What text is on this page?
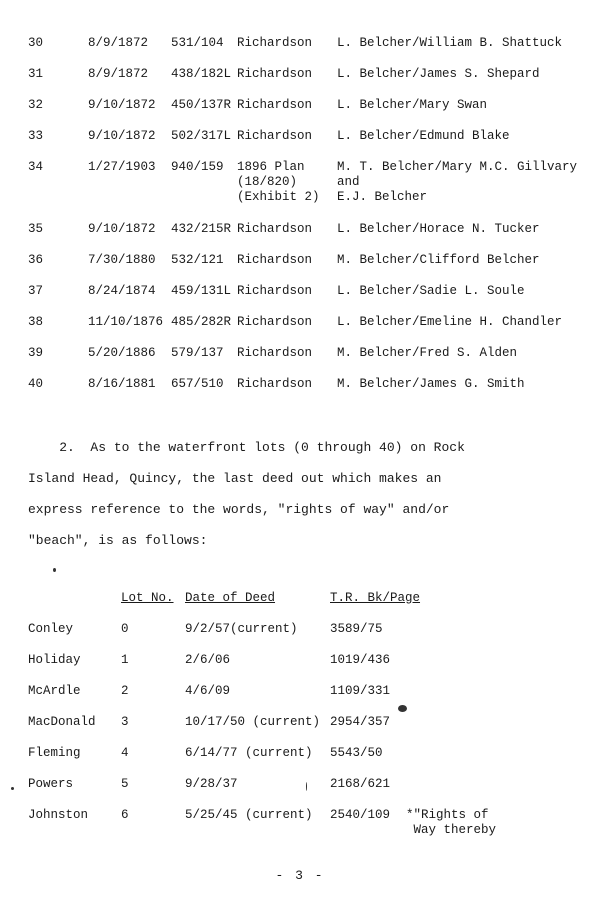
30	8/9/1872 531/104 Richardson L. Belcher/William B. Shattuck
31	8/9/1872 438/182L Richardson L. Belcher/James S. Shepard
32	9/10/1872 450/137R Richardson L. Belcher/Mary Swan
33	9/10/1872 502/317L Richardson L. Belcher/Edmund Blake
34	1/27/1903 940/159 1896 Plan
(18/820)
(Exhibit 2)
M. T. Belcher/Mary M.C. Gillvary
and
E.J. Belcher
35	9/10/1872 432/215R Richardson L. Belcher/Horace N. Tucker
36	7/30/1880 532/121 Richardson M. Belcher/Clifford Belcher
37	8/24/1874 459/131L Richardson L. Belcher/Sadie L. Soule
38	11/10/1876 485/282R Richardson L. Belcher/Emeline H. Chandler
39	5/20/1886 579/137 Richardson M. Belcher/Fred S. Alden
40	8/16/1881 657/510 Richardson M. Belcher/James G. Smith

2.  As to the waterfront lots (0 through 40) on Rock

Island Head, Quincy, the last deed out which makes an

express reference to the words, "rights of way" and/or

"beach", is as follows:

Lot No. Date of Deed	T.R. Bk/Page
Conley	0	9/2/57(current)	3589/75
Holiday	1	2/6/06	1019/436
McArdle	2	4/6/09	1109/331
MacDonald 3	10/17/50 (current) 2954/357
Fleming	4	6/14/77 (current) 5543/50
Powers	5	9/28/37	2168/621
Johnston	6	5/25/45 (current) 2540/109 *"Rights of
Way thereby
- 3 -
